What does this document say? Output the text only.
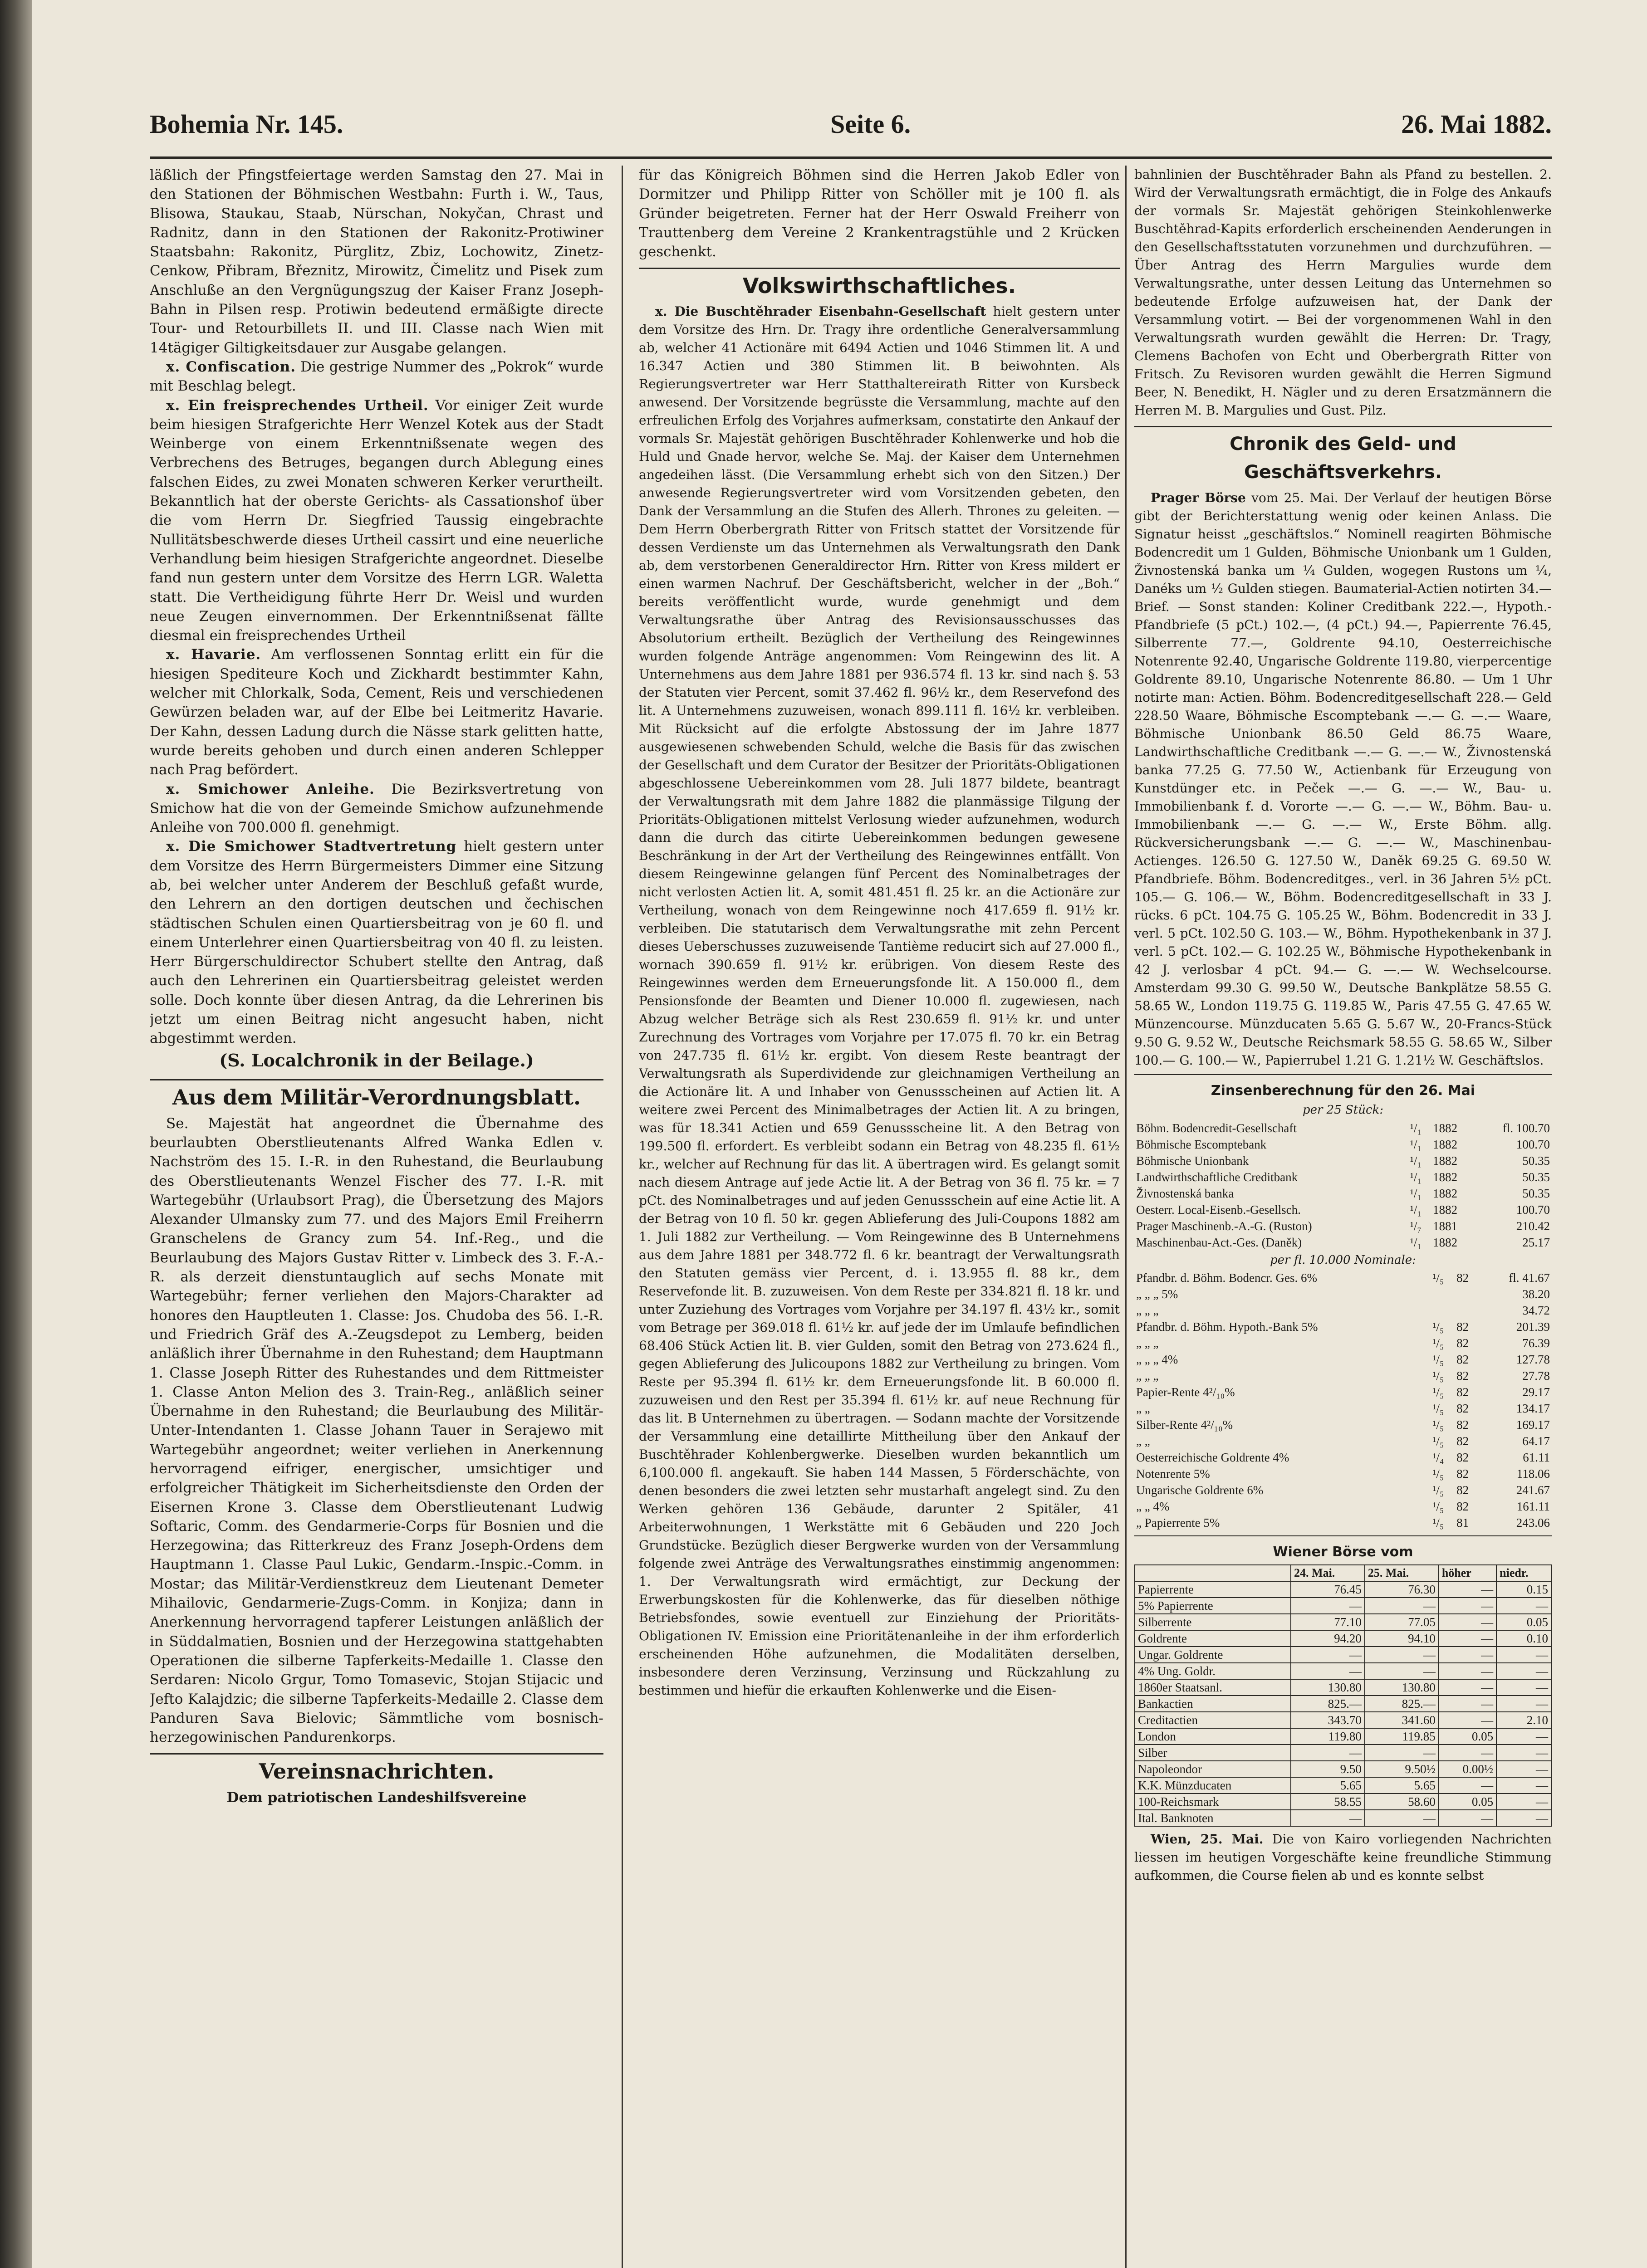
Bohemia Nr. 145.	Seite 6.	26. Mai 1882.

läßlich der Pfingstfeiertage werden Samstag den 27. Mai in den Stationen der Böhmischen Westbahn: Furth i. W., Taus, Blisowa, Staukau, Staab, Nürschan, Nokyčan, Chrast und Radnitz, dann in den Stationen der Rakonitz-Protiwiner Staatsbahn: Rakonitz, Pürglitz, Zbiz, Lochowitz, Zinetz-Cenkow, Přibram, Březnitz, Mirowitz, Čimelitz und Pisek zum Anschluße an den Vergnügungszug der Kaiser Franz Joseph-Bahn in Pilsen resp. Protiwin bedeutend ermäßigte directe Tour- und Retourbillets II. und III. Classe nach Wien mit 14tägiger Giltigkeitsdauer zur Ausgabe gelangen.

x. Confiscation. Die gestrige Nummer des „Pokrok“ wurde mit Beschlag belegt.

x. Ein freisprechendes Urtheil. Vor einiger Zeit wurde beim hiesigen Strafgerichte Herr Wenzel Kotek aus der Stadt Weinberge von einem Erkenntnißsenate wegen des Verbrechens des Betruges, begangen durch Ablegung eines falschen Eides, zu zwei Monaten schweren Kerker verurtheilt. Bekanntlich hat der oberste Gerichts- als Cassationshof über die vom Herrn Dr. Siegfried Taussig eingebrachte Nullitätsbeschwerde dieses Urtheil cassirt und eine neuerliche Verhandlung beim hiesigen Strafgerichte angeordnet. Dieselbe fand nun gestern unter dem Vorsitze des Herrn LGR. Waletta statt. Die Vertheidigung führte Herr Dr. Weisl und wurden neue Zeugen einvernommen. Der Erkenntnißsenat fällte diesmal ein freisprechendes Urtheil

x. Havarie. Am verflossenen Sonntag erlitt ein für die hiesigen Spediteure Koch und Zickhardt bestimmter Kahn, welcher mit Chlorkalk, Soda, Cement, Reis und verschiedenen Gewürzen beladen war, auf der Elbe bei Leitmeritz Havarie. Der Kahn, dessen Ladung durch die Nässe stark gelitten hatte, wurde bereits gehoben und durch einen anderen Schlepper nach Prag befördert.

x. Smichower Anleihe. Die Bezirksvertretung von Smichow hat die von der Gemeinde Smichow aufzunehmende Anleihe von 700.000 fl. genehmigt.

x. Die Smichower Stadtvertretung hielt gestern unter dem Vorsitze des Herrn Bürgermeisters Dimmer eine Sitzung ab, bei welcher unter Anderem der Beschluß gefaßt wurde, den Lehrern an den dortigen deutschen und čechischen städtischen Schulen einen Quartiersbeitrag von je 60 fl. und einem Unterlehrer einen Quartiersbeitrag von 40 fl. zu leisten. Herr Bürgerschuldirector Schubert stellte den Antrag, daß auch den Lehrerinen ein Quartiersbeitrag geleistet werden solle. Doch konnte über diesen Antrag, da die Lehrerinen bis jetzt um einen Beitrag nicht angesucht haben, nicht abgestimmt werden.

(S. Localchronik in der Beilage.)

Aus dem Militär-Verordnungsblatt.

Se. Majestät hat angeordnet die Übernahme des beurlaubten Oberstlieutenants Alfred Wanka Edlen v. Nachström des 15. I.-R. in den Ruhestand, die Beurlaubung des Oberstlieutenants Wenzel Fischer des 77. I.-R. mit Wartegebühr (Urlaubsort Prag), die Übersetzung des Majors Alexander Ulmansky zum 77. und des Majors Emil Freiherrn Granschelens de Grancy zum 54. Inf.-Reg., und die Beurlaubung des Majors Gustav Ritter v. Limbeck des 3. F.-A.-R. als derzeit dienstuntauglich auf sechs Monate mit Wartegebühr; ferner verliehen den Majors-Charakter ad honores den Hauptleuten 1. Classe: Jos. Chudoba des 56. I.-R. und Friedrich Gräf des A.-Zeugsdepot zu Lemberg, beiden anläßlich ihrer Übernahme in den Ruhestand; dem Hauptmann 1. Classe Joseph Ritter des Ruhestandes und dem Rittmeister 1. Classe Anton Melion des 3. Train-Reg., anläßlich seiner Übernahme in den Ruhestand; die Beurlaubung des Militär-Unter-Intendanten 1. Classe Johann Tauer in Serajewo mit Wartegebühr angeordnet; weiter verliehen in Anerkennung hervorragend eifriger, energischer, umsichtiger und erfolgreicher Thätigkeit im Sicherheitsdienste den Orden der Eisernen Krone 3. Classe dem Oberstlieutenant Ludwig Softaric, Comm. des Gendarmerie-Corps für Bosnien und die Herzegowina; das Ritterkreuz des Franz Joseph-Ordens dem Hauptmann 1. Classe Paul Lukic, Gendarm.-Inspic.-Comm. in Mostar; das Militär-Verdienstkreuz dem Lieutenant Demeter Mihailovic, Gendarmerie-Zugs-Comm. in Konjiza; dann in Anerkennung hervorragend tapferer Leistungen anläßlich der in Süddalmatien, Bosnien und der Herzegowina stattgehabten Operationen die silberne Tapferkeits-Medaille 1. Classe den Serdaren: Nicolo Grgur, Tomo Tomasevic, Stojan Stijacic und Jefto Kalajdzic; die silberne Tapferkeits-Medaille 2. Classe dem Panduren Sava Bielovic; Sämmtliche vom bosnisch-herzegowinischen Pandurenkorps.

Vereinsnachrichten.

Dem patriotischen Landeshilfsvereine

für das Königreich Böhmen sind die Herren Jakob Edler von Dormitzer und Philipp Ritter von Schöller mit je 100 fl. als Gründer beigetreten. Ferner hat der Herr Oswald Freiherr von Trauttenberg dem Vereine 2 Krankentragstühle und 2 Krücken geschenkt.

Volkswirthschaftliches.

x. Die Buschtěhrader Eisenbahn-Gesellschaft hielt gestern unter dem Vorsitze des Hrn. Dr. Tragy ihre ordentliche Generalversammlung ab, welcher 41 Actionäre mit 6494 Actien und 1046 Stimmen lit. A und 16.347 Actien und 380 Stimmen lit. B beiwohnten. Als Regierungsvertreter war Herr Statthaltereirath Ritter von Kursbeck anwesend. Der Vorsitzende begrüsste die Versammlung, machte auf den erfreulichen Erfolg des Vorjahres aufmerksam, constatirte den Ankauf der vormals Sr. Majestät gehörigen Buschtěhrader Kohlenwerke und hob die Huld und Gnade hervor, welche Se. Maj. der Kaiser dem Unternehmen angedeihen lässt. (Die Versammlung erhebt sich von den Sitzen.) Der anwesende Regierungsvertreter wird vom Vorsitzenden gebeten, den Dank der Versammlung an die Stufen des Allerh. Thrones zu geleiten. — Dem Herrn Oberbergrath Ritter von Fritsch stattet der Vorsitzende für dessen Verdienste um das Unternehmen als Verwaltungsrath den Dank ab, dem verstorbenen Generaldirector Hrn. Ritter von Kress mildert er einen warmen Nachruf. Der Geschäftsbericht, welcher in der „Boh.“ bereits veröffentlicht wurde, wurde genehmigt und dem Verwaltungsrathe über Antrag des Revisionsausschusses das Absolutorium ertheilt. Bezüglich der Vertheilung des Reingewinnes wurden folgende Anträge angenommen: Vom Reingewinn des lit. A Unternehmens aus dem Jahre 1881 per 936.574 fl. 13 kr. sind nach §. 53 der Statuten vier Percent, somit 37.462 fl. 96½ kr., dem Reservefond des lit. A Unternehmens zuzuweisen, wonach 899.111 fl. 16½ kr. verbleiben. Mit Rücksicht auf die erfolgte Abstossung der im Jahre 1877 ausgewiesenen schwebenden Schuld, welche die Basis für das zwischen der Gesellschaft und dem Curator der Besitzer der Prioritäts-Obligationen abgeschlossene Uebereinkommen vom 28. Juli 1877 bildete, beantragt der Verwaltungsrath mit dem Jahre 1882 die planmässige Tilgung der Prioritäts-Obligationen mittelst Verlosung wieder aufzunehmen, wodurch dann die durch das citirte Uebereinkommen bedungen gewesene Beschränkung in der Art der Vertheilung des Reingewinnes entfällt. Von diesem Reingewinne gelangen fünf Percent des Nominalbetrages der nicht verlosten Actien lit. A, somit 481.451 fl. 25 kr. an die Actionäre zur Vertheilung, wonach von dem Reingewinne noch 417.659 fl. 91½ kr. verbleiben. Die statutarisch dem Verwaltungsrathe mit zehn Percent dieses Ueberschusses zuzuweisende Tantième reducirt sich auf 27.000 fl., wornach 390.659 fl. 91½ kr. erübrigen. Von diesem Reste des Reingewinnes werden dem Erneuerungsfonde lit. A 150.000 fl., dem Pensionsfonde der Beamten und Diener 10.000 fl. zugewiesen, nach Abzug welcher Beträge sich als Rest 230.659 fl. 91½ kr. und unter Zurechnung des Vortrages vom Vorjahre per 17.075 fl. 70 kr. ein Betrag von 247.735 fl. 61½ kr. ergibt. Von diesem Reste beantragt der Verwaltungsrath als Superdividende zur gleichnamigen Vertheilung an die Actionäre lit. A und Inhaber von Genussscheinen auf Actien lit. A weitere zwei Percent des Minimalbetrages der Actien lit. A zu bringen, was für 18.341 Actien und 659 Genussscheine lit. A den Betrag von 199.500 fl. erfordert. Es verbleibt sodann ein Betrag von 48.235 fl. 61½ kr., welcher auf Rechnung für das lit. A übertragen wird. Es gelangt somit nach diesem Antrage auf jede Actie lit. A der Betrag von 36 fl. 75 kr. = 7 pCt. des Nominalbetrages und auf jeden Genussschein auf eine Actie lit. A der Betrag von 10 fl. 50 kr. gegen Ablieferung des Juli-Coupons 1882 am 1. Juli 1882 zur Vertheilung. — Vom Reingewinne des B Unternehmens aus dem Jahre 1881 per 348.772 fl. 6 kr. beantragt der Verwaltungsrath den Statuten gemäss vier Percent, d. i. 13.955 fl. 88 kr., dem Reservefonde lit. B. zuzuweisen. Von dem Reste per 334.821 fl. 18 kr. und unter Zuziehung des Vortrages vom Vorjahre per 34.197 fl. 43½ kr., somit vom Betrage per 369.018 fl. 61½ kr. auf jede der im Umlaufe befindlichen 68.406 Stück Actien lit. B. vier Gulden, somit den Betrag von 273.624 fl., gegen Ablieferung des Julicoupons 1882 zur Vertheilung zu bringen. Vom Reste per 95.394 fl. 61½ kr. dem Erneuerungsfonde lit. B 60.000 fl. zuzuweisen und den Rest per 35.394 fl. 61½ kr. auf neue Rechnung für das lit. B Unternehmen zu übertragen. — Sodann machte der Vorsitzende der Versammlung eine detaillirte Mittheilung über den Ankauf der Buschtěhrader Kohlenbergwerke. Dieselben wurden bekanntlich um 6,100.000 fl. angekauft. Sie haben 144 Massen, 5 Förderschächte, von denen besonders die zwei letzten sehr mustarhaft angelegt sind. Zu den Werken gehören 136 Gebäude, darunter 2 Spitäler, 41 Arbeiterwohnungen, 1 Werkstätte mit 6 Gebäuden und 220 Joch Grundstücke. Bezüglich dieser Bergwerke wurden von der Versammlung folgende zwei Anträge des Verwaltungsrathes einstimmig angenommen: 1. Der Verwaltungsrath wird ermächtigt, zur Deckung der Erwerbungskosten für die Kohlenwerke, das für dieselben nöthige Betriebsfondes, sowie eventuell zur Einziehung der Prioritäts-Obligationen IV. Emission eine Prioritätenanleihe in der ihm erforderlich erscheinenden Höhe aufzunehmen, die Modalitäten derselben, insbesondere deren Verzinsung, Verzinsung und Rückzahlung zu bestimmen und hiefür die erkauften Kohlenwerke und die Eisen-

bahnlinien der Buschtěhrader Bahn als Pfand zu bestellen. 2. Wird der Verwaltungsrath ermächtigt, die in Folge des Ankaufs der vormals Sr. Majestät gehörigen Steinkohlenwerke Buschtěhrad-Kapits erforderlich erscheinenden Aenderungen in den Gesellschaftsstatuten vorzunehmen und durchzuführen. — Über Antrag des Herrn Margulies wurde dem Verwaltungsrathe, unter dessen Leitung das Unternehmen so bedeutende Erfolge aufzuweisen hat, der Dank der Versammlung votirt. — Bei der vorgenommenen Wahl in den Verwaltungsrath wurden gewählt die Herren: Dr. Tragy, Clemens Bachofen von Echt und Oberbergrath Ritter von Fritsch. Zu Revisoren wurden gewählt die Herren Sigmund Beer, N. Benedikt, H. Nägler und zu deren Ersatzmännern die Herren M. B. Margulies und Gust. Pilz.

Chronik des Geld- und Geschäftsverkehrs.

Prager Börse vom 25. Mai. Der Verlauf der heutigen Börse gibt der Berichterstattung wenig oder keinen Anlass. Die Signatur heisst „geschäftslos.“ Nominell reagirten Böhmische Bodencredit um 1 Gulden, Böhmische Unionbank um 1 Gulden, Živnostenská banka um ¼ Gulden, wogegen Rustons um ¼, Danéks um ½ Gulden stiegen. Baumaterial-Actien notirten 34.— Brief. — Sonst standen: Koliner Creditbank 222.—, Hypoth.-Pfandbriefe (5 pCt.) 102.—, (4 pCt.) 94.—, Papierrente 76.45, Silberrente 77.—, Goldrente 94.10, Oesterreichische Notenrente 92.40, Ungarische Goldrente 119.80, vierpercentige Goldrente 89.10, Ungarische Notenrente 86.80. — Um 1 Uhr notirte man: Actien. Böhm. Bodencreditgesellschaft 228.— Geld 228.50 Waare, Böhmische Escomptebank —.— G. —.— Waare, Böhmische Unionbank 86.50 Geld 86.75 Waare, Landwirthschaftliche Creditbank —.— G. —.— W., Živnostenská banka 77.25 G. 77.50 W., Actienbank für Erzeugung von Kunstdünger etc. in Peček —.— G. —.— W., Bau- u. Immobilienbank f. d. Vororte —.— G. —.— W., Böhm. Bau- u. Immobilienbank —.— G. —.— W., Erste Böhm. allg. Rückversicherungsbank —.— G. —.— W., Maschinenbau-Actienges. 126.50 G. 127.50 W., Daněk 69.25 G. 69.50 W. Pfandbriefe. Böhm. Bodencreditges., verl. in 36 Jahren 5½ pCt. 105.— G. 106.— W., Böhm. Bodencreditgesellschaft in 33 J. rücks. 6 pCt. 104.75 G. 105.25 W., Böhm. Bodencredit in 33 J. verl. 5 pCt. 102.50 G. 103.— W., Böhm. Hypothekenbank in 37 J. verl. 5 pCt. 102.— G. 102.25 W., Böhmische Hypothekenbank in 42 J. verlosbar 4 pCt. 94.— G. —.— W. Wechselcourse. Amsterdam 99.30 G. 99.50 W., Deutsche Bankplätze 58.55 G. 58.65 W., London 119.75 G. 119.85 W., Paris 47.55 G. 47.65 W. Münzencourse. Münzducaten 5.65 G. 5.67 W., 20-Francs-Stück 9.50 G. 9.52 W., Deutsche Reichsmark 58.55 G. 58.65 W., Silber 100.— G. 100.— W., Papierrubel 1.21 G. 1.21½ W. Geschäftslos.

Zinsenberechnung für den 26. Mai
per 25 Stück:
Böhm. Bodencredit-Gesellschaft	¹/₁	1882	fl. 100.70
Böhmische Escomptebank	¹/₁	1882	100.70
Böhmische Unionbank	¹/₁	1882	50.35
Landwirthschaftliche Creditbank	¹/₁	1882	50.35
Živnostenská banka	¹/₁	1882	50.35
Oesterr. Local-Eisenb.-Gesellsch.	¹/₁	1882	100.70
Prager Maschinenb.-A.-G. (Ruston)	¹/₇	1881	210.42
Maschinenbau-Act.-Ges. (Daněk)	¹/₁	1882	25.17
per fl. 10.000 Nominale:
Pfandbr. d. Böhm. Bodencr. Ges. 6%	¹/₅	82	fl. 41.67
„ „ „ 5%			38.20
„ „ „			34.72
Pfandbr. d. Böhm. Hypoth.-Bank 5%	¹/₅	82	201.39
„ „ „	¹/₅	82	76.39
„ „ „ 4%	¹/₅	82	127.78
„ „ „	¹/₅	82	27.78
Papier-Rente 4²/₁₀%	¹/₅	82	29.17
„ „	¹/₅	82	134.17
Silber-Rente 4²/₁₀%	¹/₅	82	169.17
„ „	¹/₅	82	64.17
Oesterreichische Goldrente 4%	¹/₄	82	61.11
Notenrente 5%	¹/₅	82	118.06
Ungarische Goldrente 6%	¹/₅	82	241.67
„ „ 4%	¹/₅	82	161.11
„ Papierrente 5%	¹/₅	81	243.06
Wiener Börse vom
	24. Mai.	25. Mai.	höher	niedr.
Papierrente	76.45	76.30	—	0.15
5% Papierrente	—	—	—	—
Silberrente	77.10	77.05	—	0.05
Goldrente	94.20	94.10	—	0.10
Ungar. Goldrente	—	—	—	—
4% Ung. Goldr.	—	—	—	—
1860er Staatsanl.	130.80	130.80	—	—
Bankactien	825.—	825.—	—	—
Creditactien	343.70	341.60	—	2.10
London	119.80	119.85	0.05	—
Silber	—	—	—	—
Napoleondor	9.50	9.50½	0.00½	—
K.K. Münzducaten	5.65	5.65	—	—
100-Reichsmark	58.55	58.60	0.05	—
Ital. Banknoten	—	—	—	—

Wien, 25. Mai. Die von Kairo vorliegenden Nachrichten liessen im heutigen Vorgeschäfte keine freundliche Stimmung aufkommen, die Course fielen ab und es konnte selbst
